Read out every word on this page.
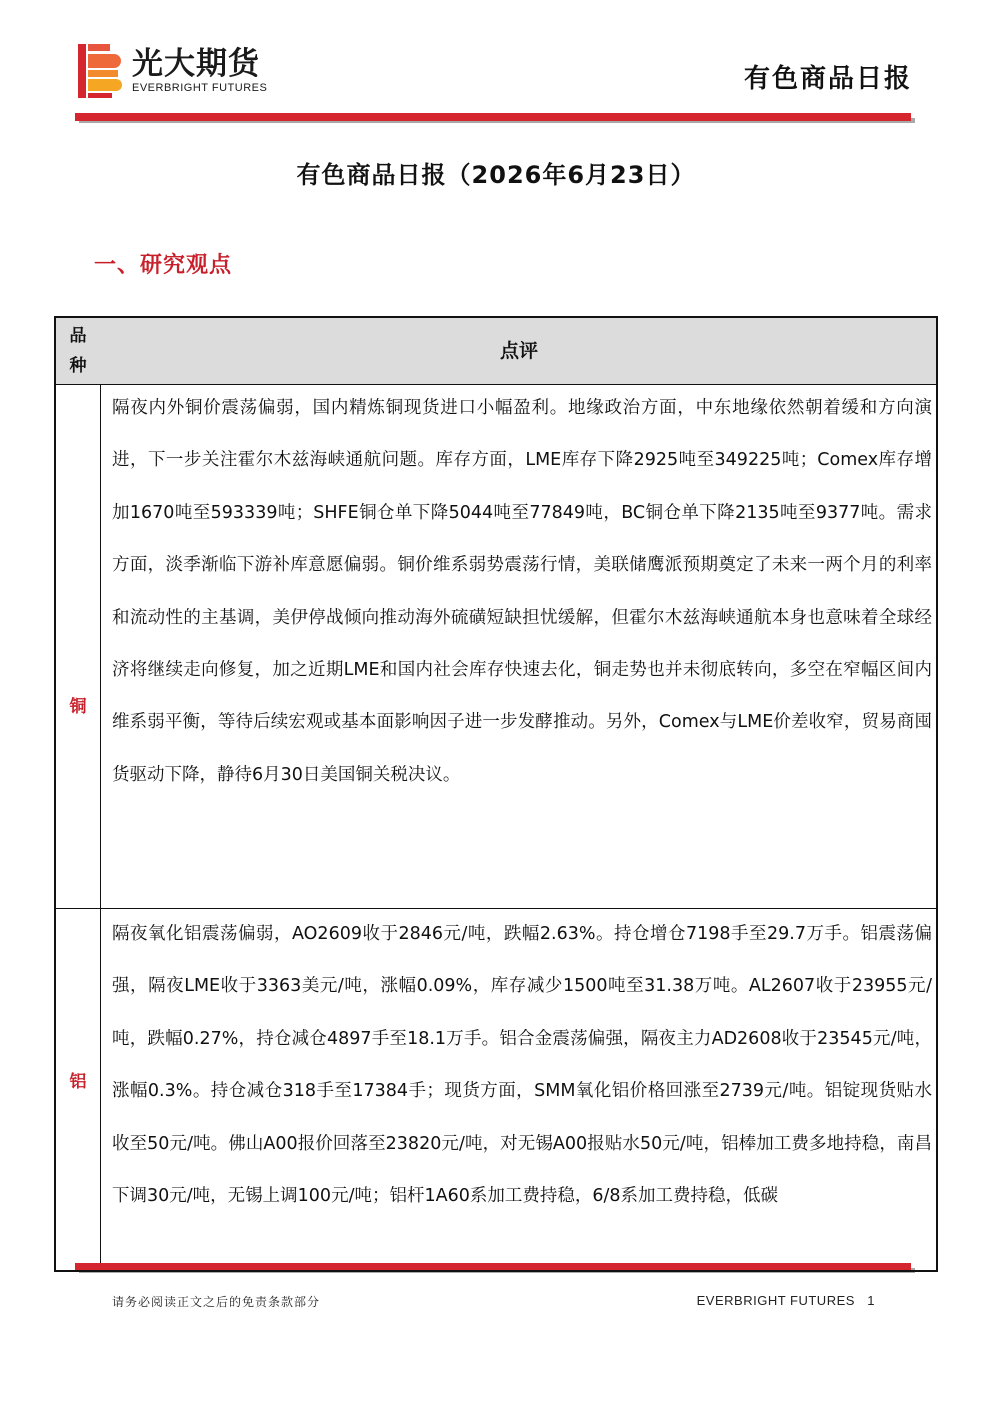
光大期货
EVERBRIGHT FUTURES	有色商品日报
有色商品日报（2026年6月23日）
一、研究观点
品种
点评
铜
隔夜内外铜价震荡偏弱，国内精炼铜现货进口小幅盈利。地缘政治方面，中东地缘依然朝着缓和方向演进，下一步关注霍尔木兹海峡通航问题。库存方面，LME库存下降2925吨至349225吨；Comex库存增加1670吨至593339吨；SHFE铜仓单下降5044吨至77849吨，BC铜仓单下降2135吨至9377吨。需求方面，淡季渐临下游补库意愿偏弱。铜价维系弱势震荡行情，美联储鹰派预期奠定了未来一两个月的利率和流动性的主基调，美伊停战倾向推动海外硫磺短缺担忧缓解，但霍尔木兹海峡通航本身也意味着全球经济将继续走向修复，加之近期LME和国内社会库存快速去化，铜走势也并未彻底转向，多空在窄幅区间内维系弱平衡，等待后续宏观或基本面影响因子进一步发酵推动。另外，Comex与LME价差收窄，贸易商囤货驱动下降，静待6月30日美国铜关税决议。
铝
隔夜氧化铝震荡偏弱，AO2609收于2846元/吨，跌幅2.63%。持仓增仓7198手至29.7万手。铝震荡偏强，隔夜LME收于3363美元/吨，涨幅0.09%，库存减少1500吨至31.38万吨。AL2607收于23955元/吨，跌幅0.27%，持仓减仓4897手至18.1万手。铝合金震荡偏强，隔夜主力AD2608收于23545元/吨，涨幅0.3%。持仓减仓318手至17384手；现货方面，SMM氧化铝价格回涨至2739元/吨。铝锭现货贴水收至50元/吨。佛山A00报价回落至23820元/吨，对无锡A00报贴水50元/吨，铝棒加工费多地持稳，南昌下调30元/吨，无锡上调100元/吨；铝杆1A60系加工费持稳，6/8系加工费持稳，低碳
请务必阅读正文之后的免责条款部分	EVERBRIGHT FUTURES 1
